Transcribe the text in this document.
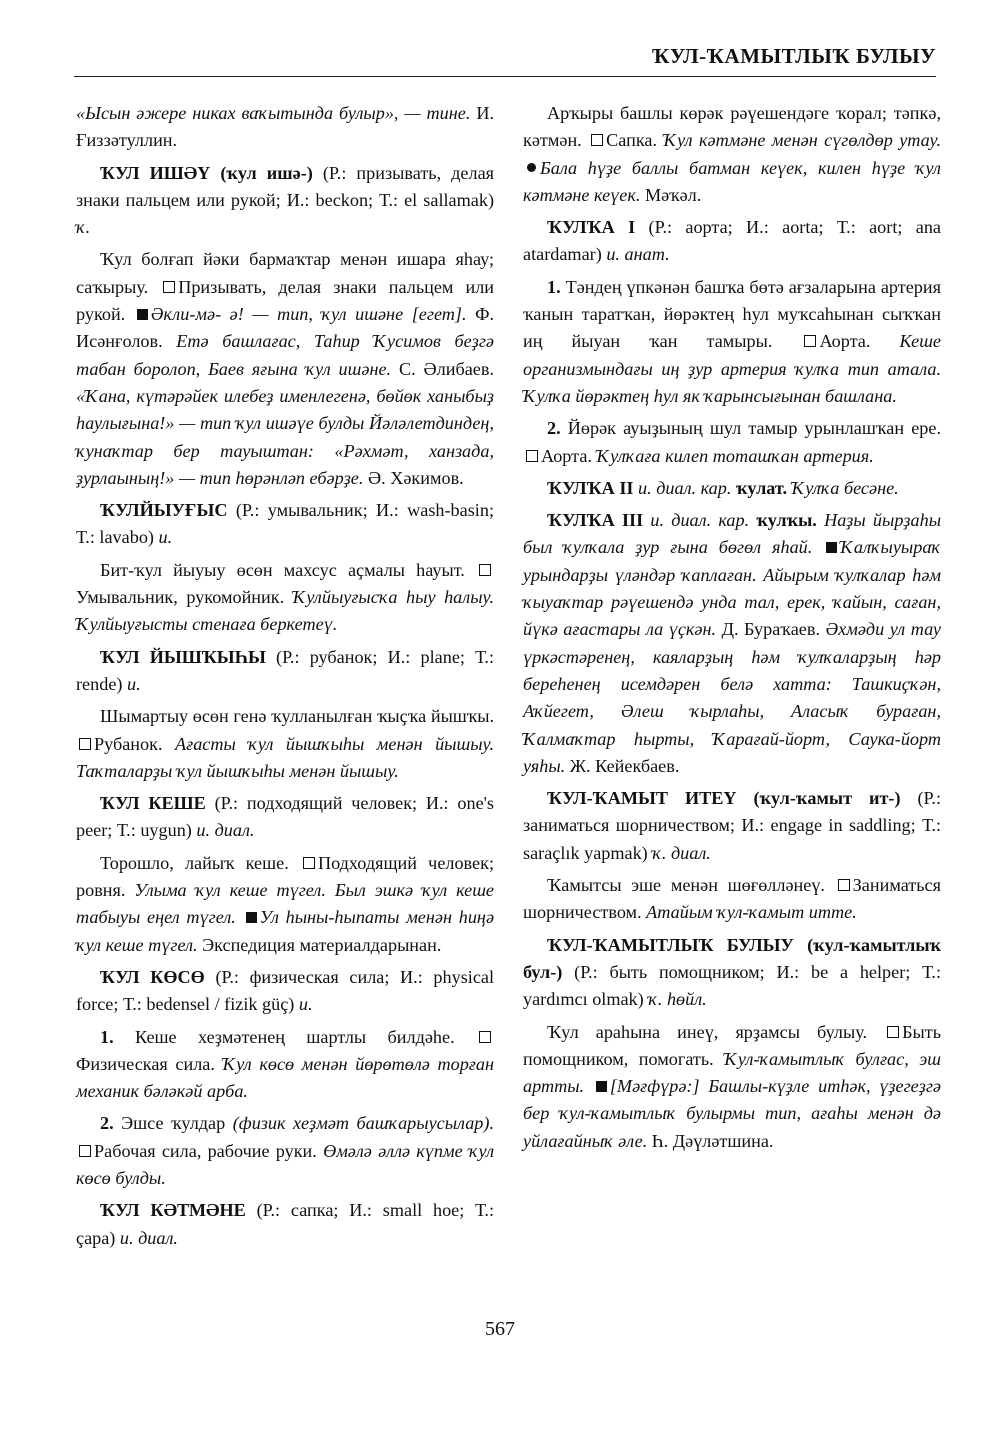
ҠУЛ-ҠАМЫТЛЫҠ БУЛЫУ

«Ысын әжере никах ваҡытында булыр», — тине. И. Ғиззәтуллин.

ҠУЛ ИШӘҮ (ҡул ишә-) (Р.: призывать, делая знаки пальцем или рукой; И.: beckon; Т.: el sallamak) ҡ.

Ҡул болғап йәки бармаҡтар менән ишара яһау; саҡырыу. Призывать, делая знаки пальцем или рукой. Әкли-мә- ә! — тип, ҡул ишәне [егет]. Ф. Исәнғолов. Етә башлағас, Таһир Ҡусимов беҙгә табан боролоп, Баев яғына ҡул ишәне. С. Әлибаев. «Ҡана, күтәрәйек илебеҙ именлегенә, бөйөк ханыбыҙ һаулығына!» — тип ҡул ишәүе булды Йәләлетдиндең, ҡунаҡтар бер тауыштан: «Рәхмәт, ханзада, ҙурлаының!» — тип һөрәнләп ебәрҙе. Ә. Хәкимов.

ҠУЛЙЫУҒЫС (Р.: умывальник; И.: wash-basin; Т.: lavabo) и.

Бит-ҡул йыуыу өсөн махсус аҫмалы һауыт. Умывальник, рукомойник. Ҡулйыуғысҡа һыу һалыу. Ҡулйыуғысты стенаға беркетеү.

ҠУЛ ЙЫШҠЫҺЫ (Р.: рубанок; И.: plane; Т.: rende) и.

Шымартыу өсөн генә ҡулланылған ҡыҫҡа йышҡы. Рубанок. Ағасты ҡул йышҡыһы менән йышыу. Таҡталарҙы ҡул йышҡыһы менән йышыу.

ҠУЛ КЕШЕ (Р.: подходящий человек; И.: one's peer; Т.: uygun) и. диал.

Торошло, лайыҡ кеше. Подходящий человек; ровня. Улыма ҡул кеше түгел. Был эшкә ҡул кеше табыуы еңел түгел. Ул һыны-һыпаты менән һиңә ҡул кеше түгел. Экспедиция материалдарынан.

ҠУЛ КӨСӨ (Р.: физическая сила; И.: physical force; Т.: bedensel / fizik güç) и.

1. Кеше хеҙмәтенең шартлы билдәһе. Физическая сила. Ҡул көсө менән йөрөтөлә торған механик бәләкәй арба.

2. Эшсе ҡулдар (физик хеҙмәт башҡарыусылар). Рабочая сила, рабочие руки. Өмәлә әллә күпме ҡул көсө булды.

ҠУЛ КӘТМӘНЕ (Р.: сапка; И.: small hoe; Т.: çapa) и. диал.

Арҡыры башлы көрәк рәүешендәге ҡорал; тәпкә, кәтмән. Сапка. Ҡул кәтмәне менән сүгөлдөр утау. Бала һүҙе баллы батман кеүек, килен һүҙе ҡул кәтмәне кеүек. Мәҡәл.

ҠУЛҠА I (Р.: аорта; И.: aorta; Т.: aort; ana atardamar) и. анат.

1. Тәндең үпкәнән башҡа бөтә ағзаларына артерия ҡанын таратҡан, йөрәктең һул муҡсаһынан сыҡҡан иң йыуан ҡан тамыры.	Аорта. Кеше организмындағы иң ҙур артерия ҡулҡа тип атала. Ҡулҡа йөрәктең һул як ҡарынсығынан башлана.

2. Йөрәк ауыҙының шул тамыр урынлашҡан ере. Аорта. Ҡулҡаға килеп тоташҡан артерия.

ҠУЛҠА II и. диал. кар. ҡулат. Ҡулҡа бесәне.

ҠУЛҠА III и. диал. кар. ҡулҡы. Наҙы йырҙаһы был ҡулҡала ҙур ғына бөгөл яһай. Ҡалҡыуыраҡ урындарҙы үләндәр ҡаплаған. Айырым ҡулҡалар һәм ҡыуаҡтар рәүешендә унда тал, ерек, ҡайын, саған, йүкә ағастары ла үҫкән. Д. Бураҡаев. Әхмәди ул тау үркәстәренең, каяларҙың һәм ҡулҡаларҙың һәр береһенең исемдәрен белә хатта: Ташкиҫҡән, Аҡйегет, Әлеш ҡырлаһы, Аласыҡ бураған, Ҡалмаҡтар һырты, Ҡарағай-йорт, Саука-йорт уяһы. Ж. Кейекбаев.

ҠУЛ-ҠАМЫТ ИТЕҮ (ҡул-ҡамыт ит-) (Р.: заниматься шорничеством; И.: engage in saddling; Т.: saraçlık yapmak) ҡ. диал.

Ҡамытсы эше менән шөғөлләнеү. Заниматься шорничеством. Атайым ҡул-ҡамыт итте.

ҠУЛ-ҠАМЫТЛЫҠ БУЛЫУ (ҡул-ҡамытлыҡ бул-) (Р.: быть помощником; И.: be a helper; Т.: yardımcı olmak) ҡ. һөйл.

Ҡул араһына инеү, ярҙамсы булыу. Быть помощником, помогать. Ҡул-ҡамытлыҡ булғас, эш артты. [Мәғфүрә:] Башлы-күҙле итһәк, үҙегеҙгә бер ҡул-ҡамытлыҡ булырмы тип, ағаһы менән дә уйлағайныҡ әле. Һ. Дәүләтшина.

567
